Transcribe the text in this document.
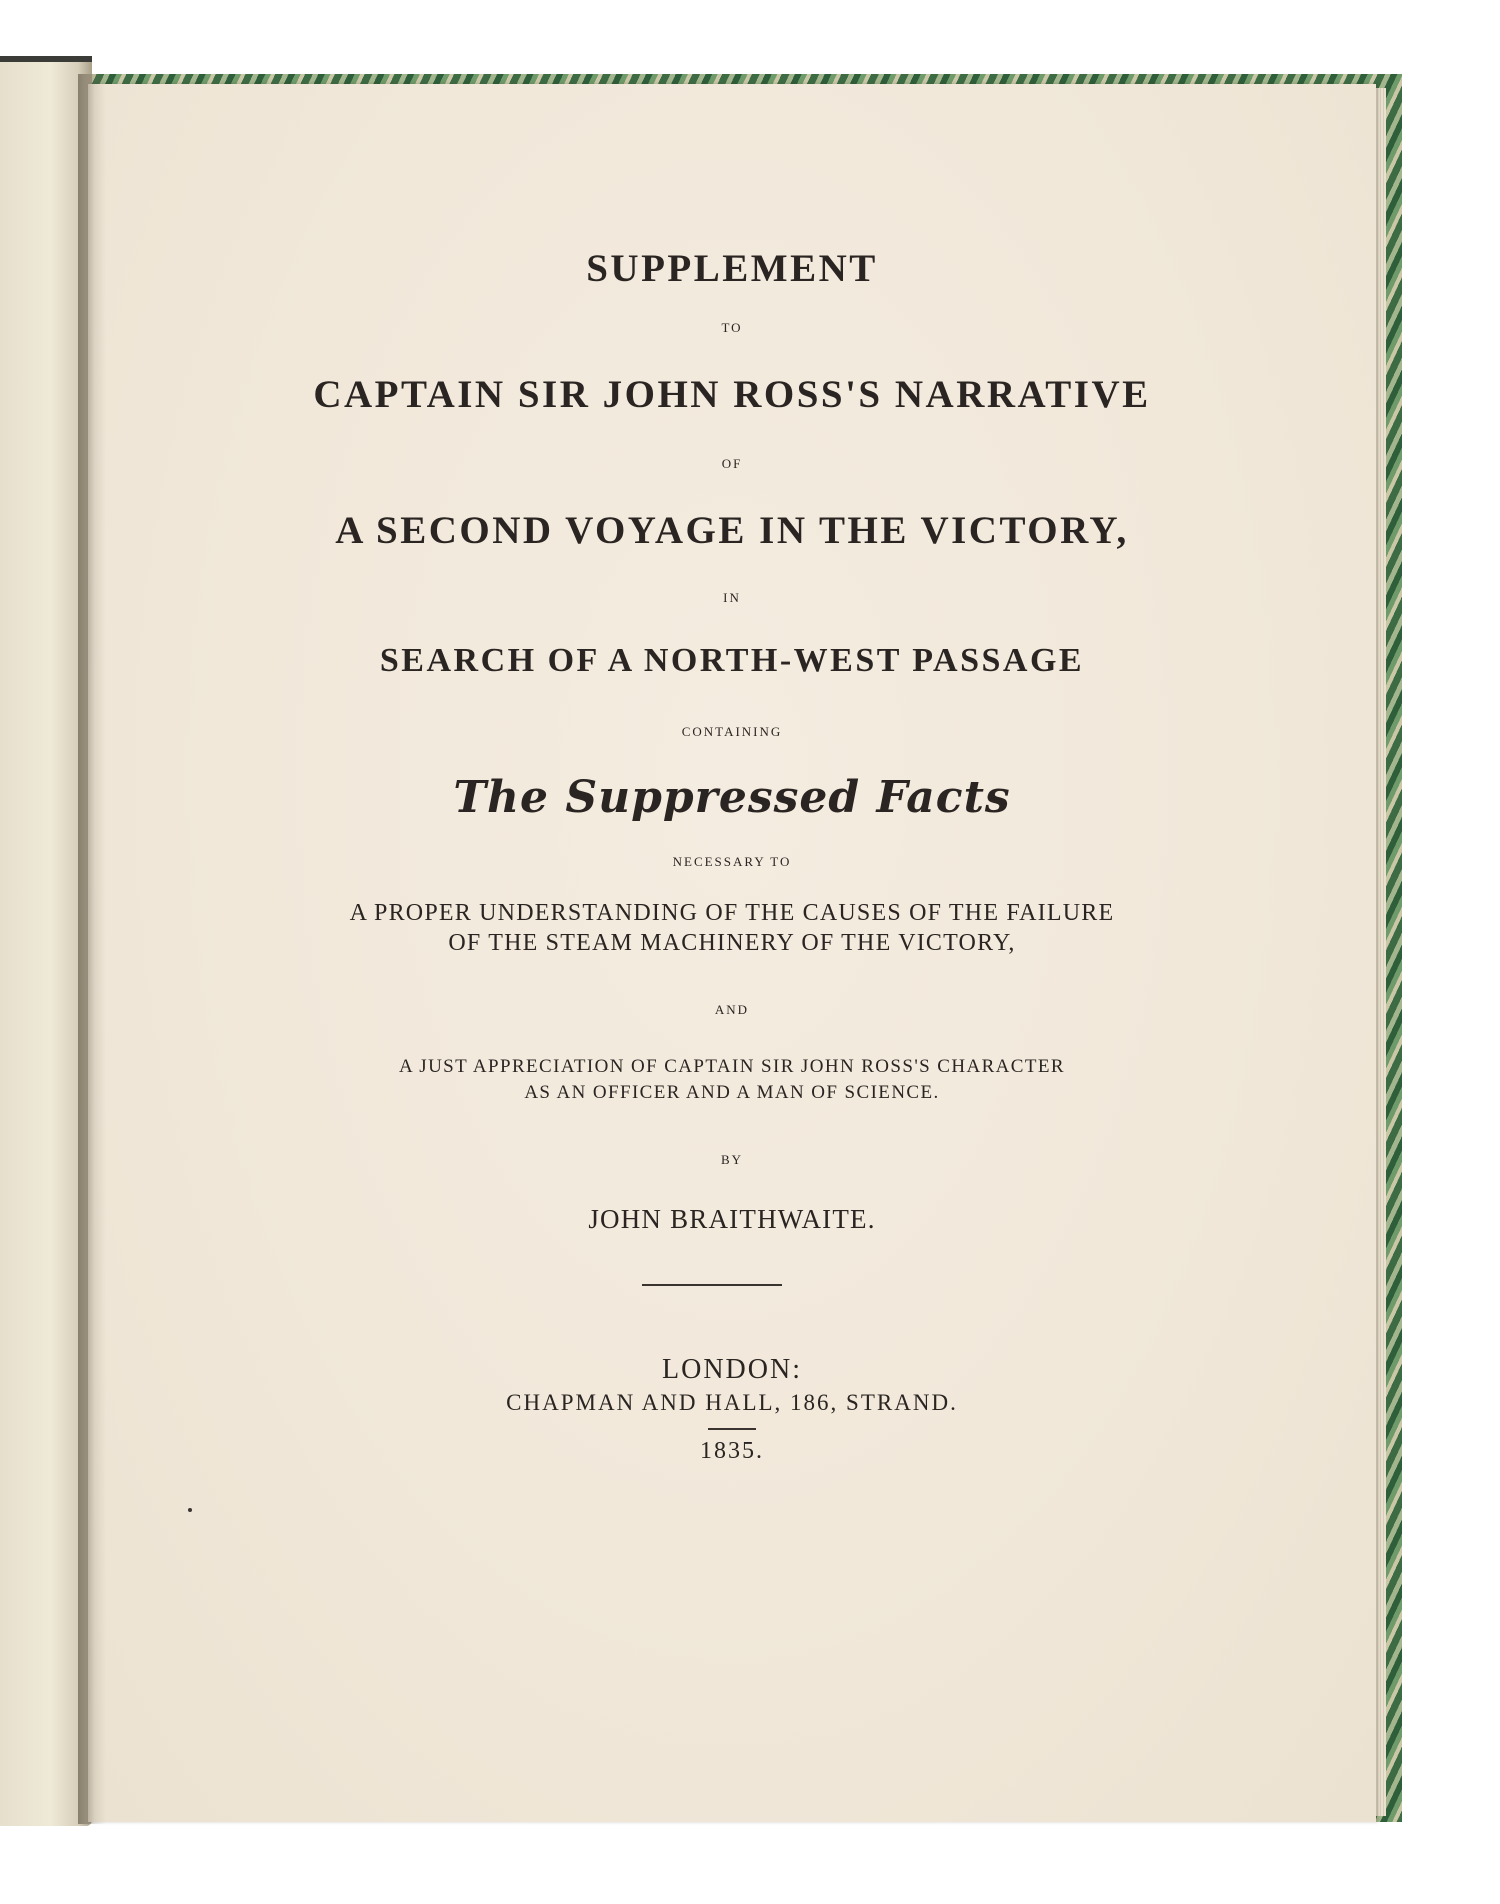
SUPPLEMENT

TO

CAPTAIN SIR JOHN ROSS'S NARRATIVE

OF

A SECOND VOYAGE IN THE VICTORY,

IN

SEARCH OF A NORTH-WEST PASSAGE

CONTAINING

The Suppressed Facts

NECESSARY TO

A PROPER UNDERSTANDING OF THE CAUSES OF THE FAILURE

OF THE STEAM MACHINERY OF THE VICTORY,

AND

A JUST APPRECIATION OF CAPTAIN SIR JOHN ROSS'S CHARACTER

AS AN OFFICER AND A MAN OF SCIENCE.

BY

JOHN BRAITHWAITE.

LONDON:

CHAPMAN AND HALL, 186, STRAND.

1835.
